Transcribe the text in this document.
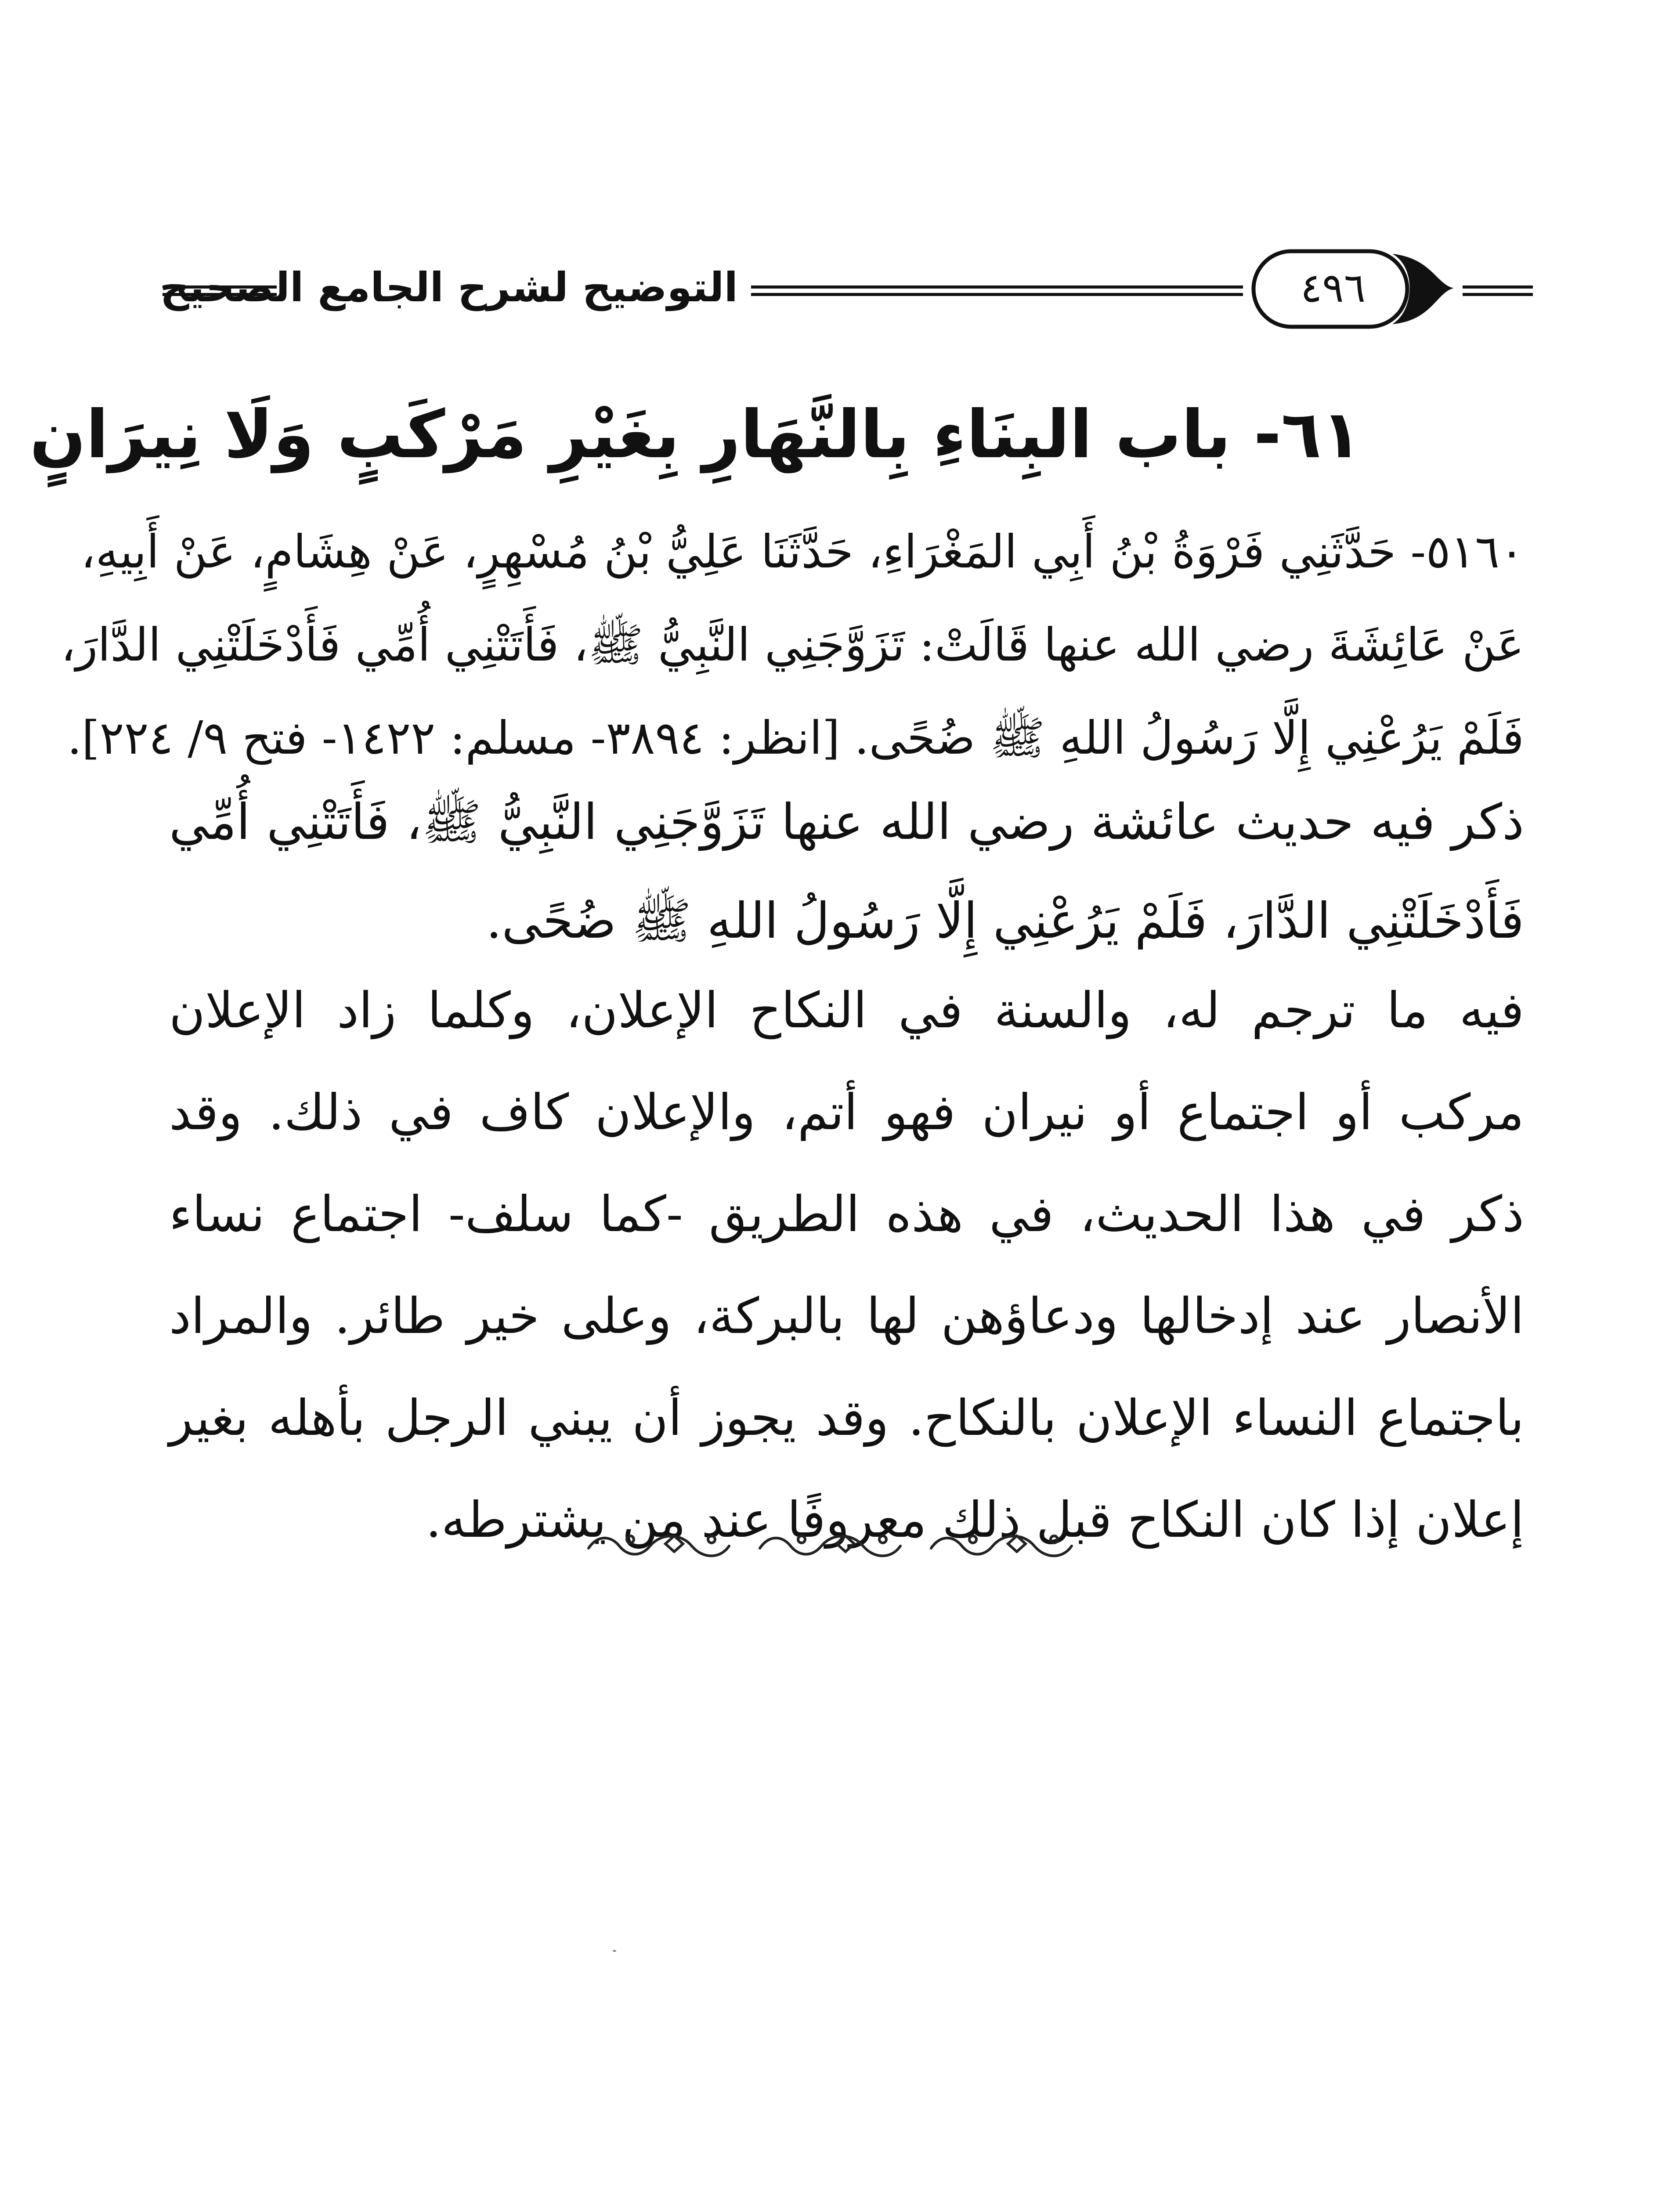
التوضيح لشرح الجامع الصحيح	٤٩٦
٦١- باب البِنَاءِ بِالنَّهَارِ بِغَيْرِ مَرْكَبٍ وَلَا نِيرَانٍ
٥١٦٠- حَدَّثَنِي فَرْوَةُ بْنُ أَبِي المَغْرَاءِ، حَدَّثَنَا عَلِيُّ بْنُ مُسْهِرٍ، عَنْ هِشَامٍ، عَنْ أَبِيهِ،
عَنْ عَائِشَةَ رضي الله عنها قَالَتْ: تَزَوَّجَنِي النَّبِيُّ ﷺ، فَأَتَتْنِي أُمِّي فَأَدْخَلَتْنِي الدَّارَ،
فَلَمْ يَرُعْنِي إِلَّا رَسُولُ اللهِ ﷺ ضُحًى. [انظر: ٣٨٩٤- مسلم: ١٤٢٢- فتح ٩/ ٢٢٤].
ذكر فيه حديث عائشة رضي الله عنها تَزَوَّجَنِي النَّبِيُّ ﷺ، فَأَتَتْنِي أُمِّي
فَأَدْخَلَتْنِي الدَّارَ، فَلَمْ يَرُعْنِي إِلَّا رَسُولُ اللهِ ﷺ ضُحًى.
فيه ما ترجم له، والسنة في النكاح الإعلان، وكلما زاد الإعلان
مركب أو اجتماع أو نيران فهو أتم، والإعلان كاف في ذلك. وقد
ذكر في هذا الحديث، في هذه الطريق -كما سلف- اجتماع نساء
الأنصار عند إدخالها ودعاؤهن لها بالبركة، وعلى خير طائر. والمراد
باجتماع النساء الإعلان بالنكاح. وقد يجوز أن يبني الرجل بأهله بغير
إعلان إذا كان النكاح قبل ذلك معروفًا عند من يشترطه.
